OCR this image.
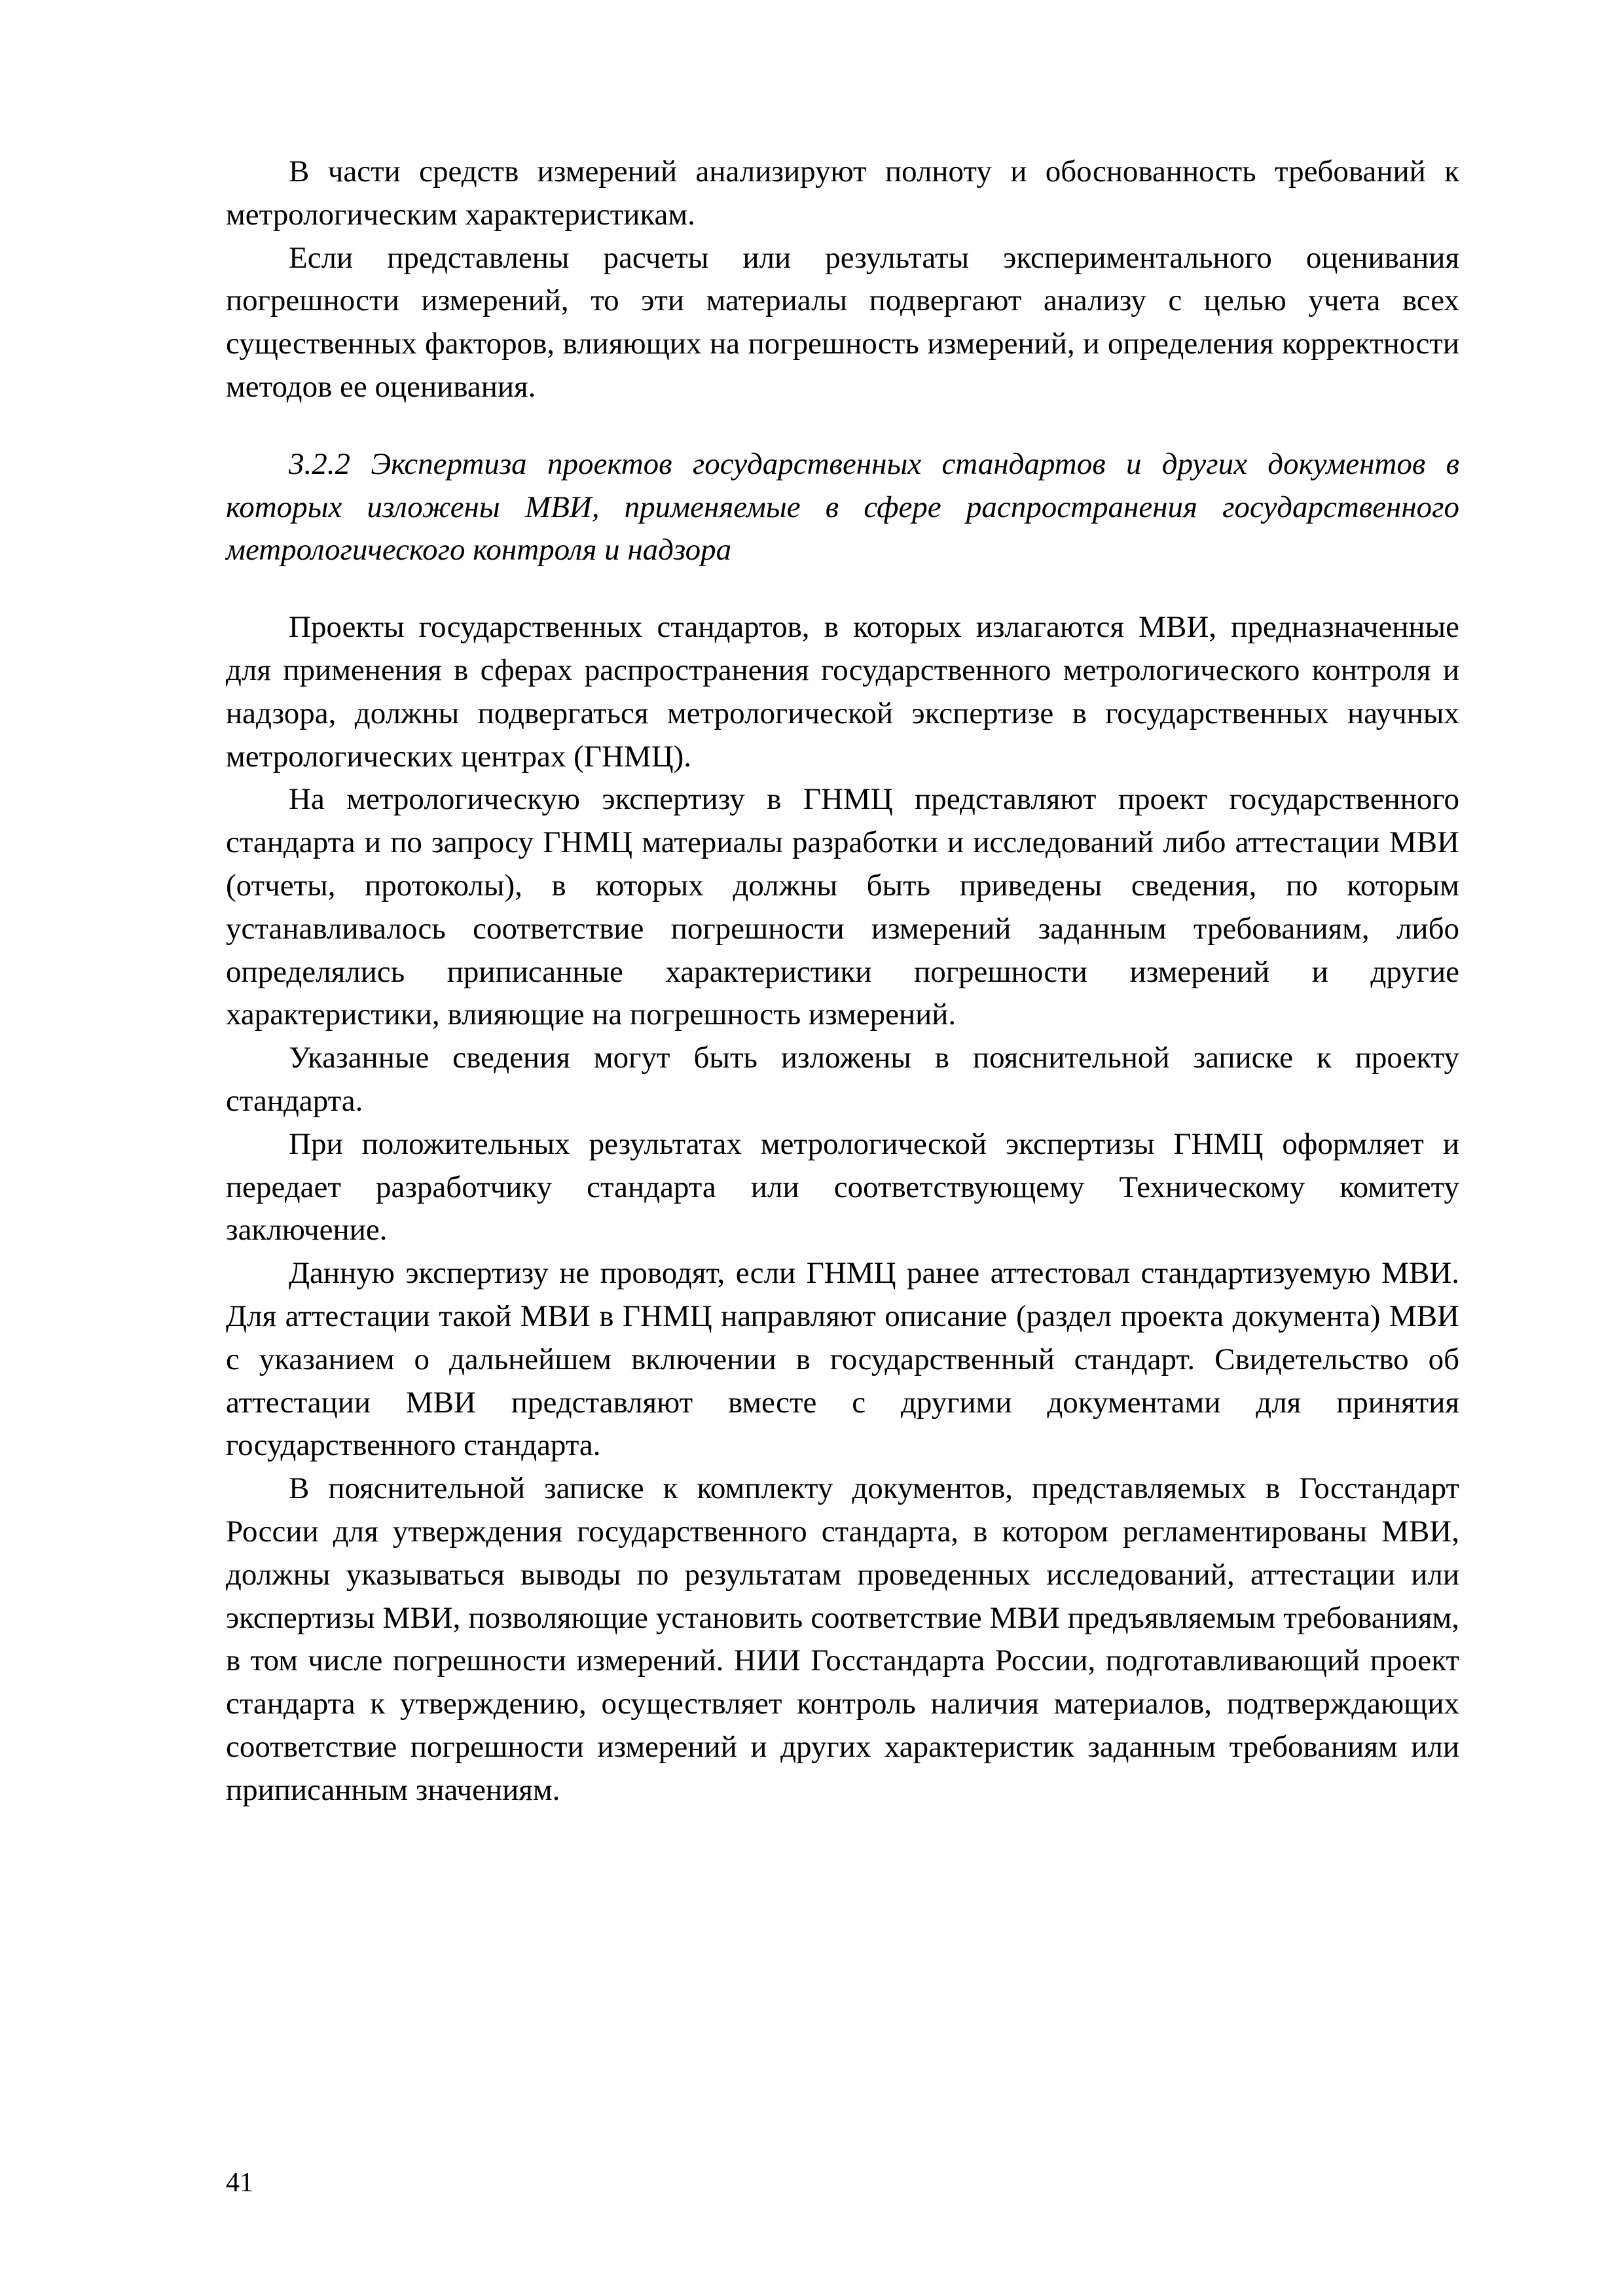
В части средств измерений анализируют полноту и обоснованность требований к метрологическим характеристикам.

Если представлены расчеты или результаты экспериментального оценивания погрешности измерений, то эти материалы подвергают анализу с целью учета всех существенных факторов, влияющих на погрешность измерений, и определения корректности методов ее оценивания.

3.2.2 Экспертиза проектов государственных стандартов и других документов в которых изложены МВИ, применяемые в сфере распространения государственного метрологического контроля и надзора

Проекты государственных стандартов, в которых излагаются МВИ, предназначенные для применения в сферах распространения государственного метрологического контроля и надзора, должны подвергаться метрологической экспертизе в государственных научных метрологических центрах (ГНМЦ).

На метрологическую экспертизу в ГНМЦ представляют проект государственного стандарта и по запросу ГНМЦ материалы разработки и исследований либо аттестации МВИ (отчеты, протоколы), в которых должны быть приведены сведения, по которым устанавливалось соответствие погрешности измерений заданным требованиям, либо определялись приписанные характеристики погрешности измерений и другие характеристики, влияющие на погрешность измерений.

Указанные сведения могут быть изложены в пояснительной записке к проекту стандарта.

При положительных результатах метрологической экспертизы ГНМЦ оформляет и передает разработчику стандарта или соответствующему Техническому комитету заключение.

Данную экспертизу не проводят, если ГНМЦ ранее аттестовал стандартизуемую МВИ. Для аттестации такой МВИ в ГНМЦ направляют описание (раздел проекта документа) МВИ с указанием о дальнейшем включении в государственный стандарт. Свидетельство об аттестации МВИ представляют вместе с другими документами для принятия государственного стандарта.

В пояснительной записке к комплекту документов, представляемых в Госстандарт России для утверждения государственного стандарта, в котором регламентированы МВИ, должны указываться выводы по результатам проведенных исследований, аттестации или экспертизы МВИ, позволяющие установить соответствие МВИ предъявляемым требованиям, в том числе погрешности измерений. НИИ Госстандарта России, подготавливающий проект стандарта к утверждению, осуществляет контроль наличия материалов, подтверждающих соответствие погрешности измерений и других характеристик заданным требованиям или приписанным значениям.

41
